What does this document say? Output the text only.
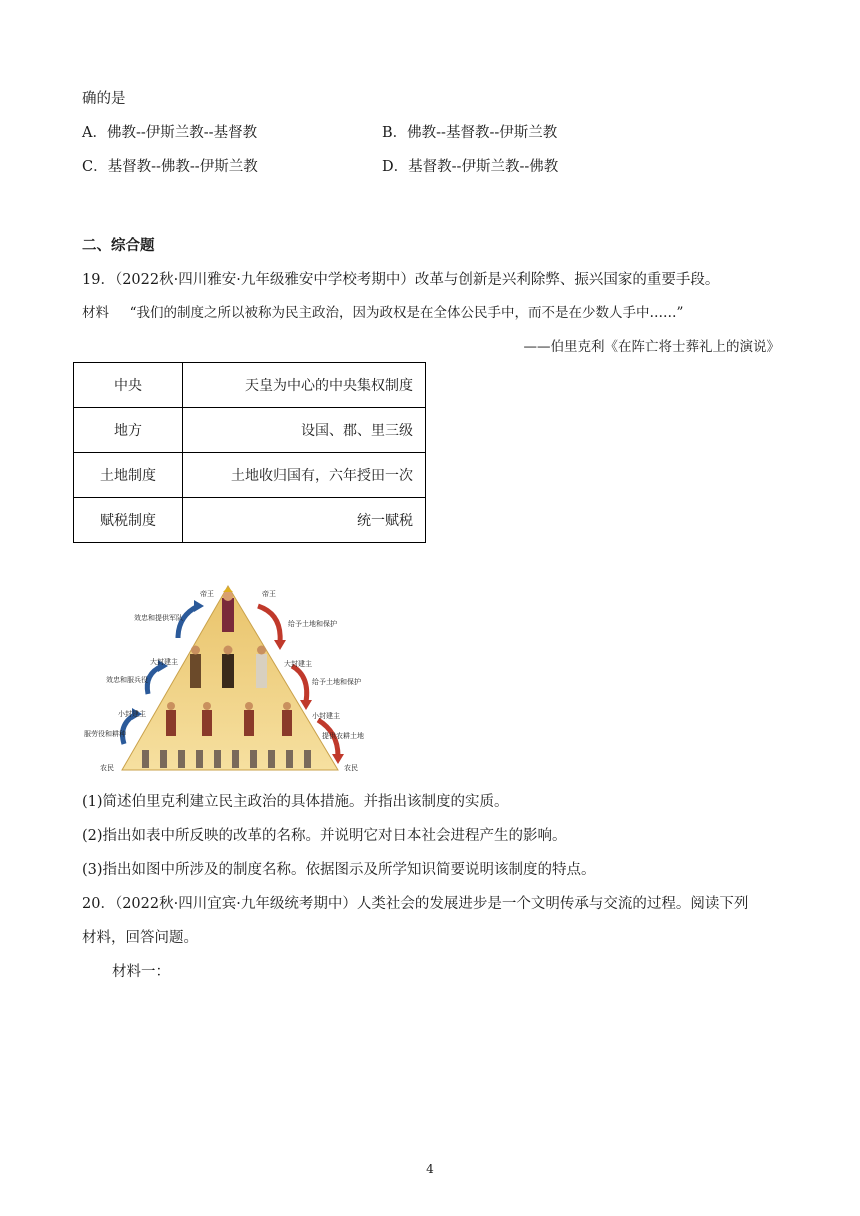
确的是
A．佛教--伊斯兰教--基督教	B．佛教--基督教--伊斯兰教
C．基督教--佛教--伊斯兰教	D．基督教--伊斯兰教--佛教
二、综合题
19．（2022秋·四川雅安·九年级雅安中学校考期中）改革与创新是兴利除弊、振兴国家的重要手段。
材料 “我们的制度之所以被称为民主政治，因为政权是在全体公民手中，而不是在少数人手中……”
——伯里克利《在阵亡将士葬礼上的演说》
中央	天皇为中心的中央集权制度
地方	设国、郡、里三级
土地制度	土地收归国有，六年授田一次
赋税制度	统一赋税
帝王	帝王
大封建主	大封建主
小封建主	小封建主
农民	农民
效忠和提供军队
效忠和服兵役
服劳役和耕种
给予土地和保护
给予土地和保护
提供农耕土地
(1)简述伯里克利建立民主政治的具体措施。并指出该制度的实质。
(2)指出如表中所反映的改革的名称。并说明它对日本社会进程产生的影响。
(3)指出如图中所涉及的制度名称。依据图示及所学知识简要说明该制度的特点。
20．（2022秋·四川宜宾·九年级统考期中）人类社会的发展进步是一个文明传承与交流的过程。阅读下列
材料，回答问题。
材料一：
4
